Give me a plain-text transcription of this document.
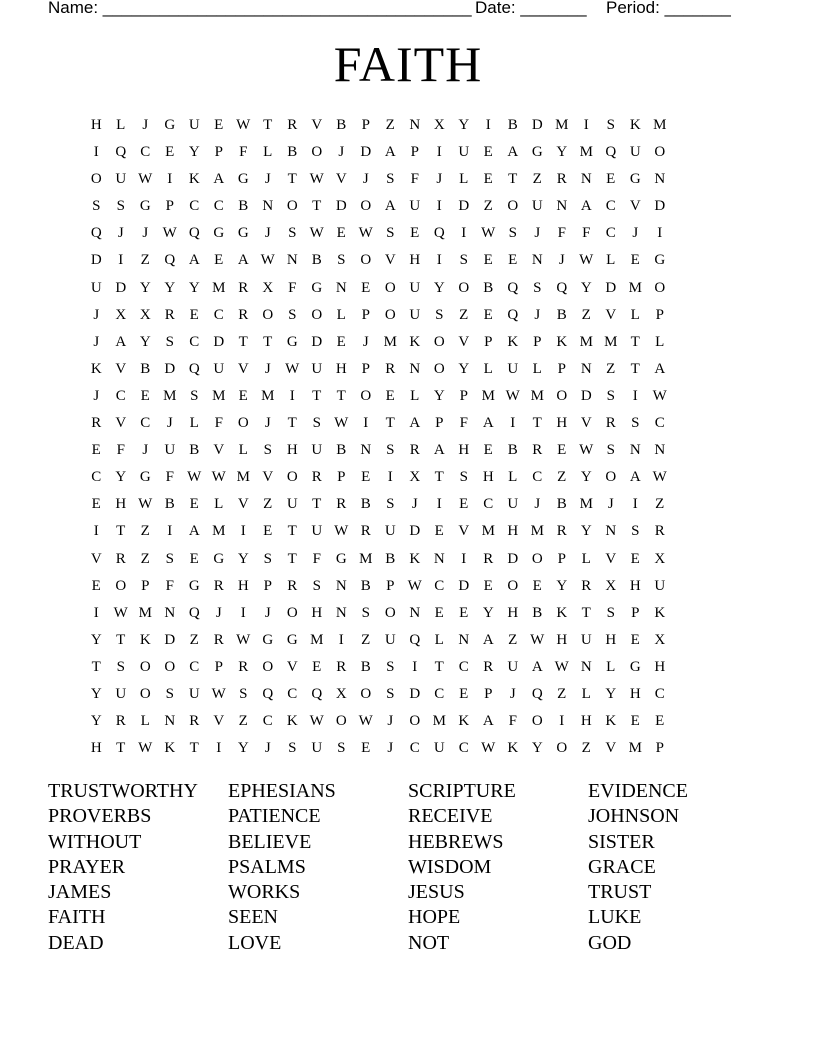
Name: _______________________________________ Date: _______ Period: _______
FAITH
H L	J	G U E W T R V B	P	Z N X Y	I	B D M	I	S K M
I	Q C E Y P	F	L B O	J	D A P	I	U E A G Y M Q U O
O U W I	K A G	J	T W V	J	S	F	J	L	E	T	Z R N E G N
S	S G P	C C B N O T D O A U	I	D Z O U N A C V D
Q	J	J W Q G G	J	S W E W S	E Q	I W S	J	F	F	C	J	I
D	I	Z Q A E A W N B	S O V H	I	S	E	E N	J W L	E G
U D Y Y Y M R X F G N E O U Y O B Q S Q Y D M O
J	X X R E C R O S O L	P O U S	Z	E Q	J	B Z V L	P
J	A Y S	C D T	T G D E	J M K O V P K P K M M T	L
K V B D Q U V	J W U H P	R N O Y L U L	P N Z	T A
J	C E M S M E M	I	T	T O E	L Y P M W M O D S	I W
R V C	J	L	F O	J	T	S W I	T A P	F A	I	T H V R	S	C
E	F	J	U B V L	S H U B N S	R A H E B R E W S N N
C Y G F W W M V O R	P	E	I	X T	S H L C Z Y O A W
E H W B E	L V Z U T R B	S	J	I	E C U	J	B M J	I	Z
I	T	Z	I	A M	I	E	T U W R U D E V M H M R Y N S	R
V R Z	S	E G Y S	T	F G M B K N	I	R D O P	L V E X
E O P	F G R H P	R	S N B	P W C D E O E Y R X H U
I W M N Q	J	I	J	O H N S O N E	E Y H B K T	S	P K
Y T K D Z R W G G M	I	Z U Q L N A Z W H U H E X
T	S O O C	P	R O V E R B	S	I	T C R U A W N L G H
Y U O S U W S Q C Q X O S D C E	P	J	Q Z	L Y H C
Y R L N R V Z C K W O W J	O M K A F O	I	H K E	E
H T W K T	I	Y	J	S U S	E	J	C U C W K Y O Z V M P
TRUSTWORTHY	EPHESIANS	SCRIPTURE	EVIDENCE
PROVERBS	PATIENCE	RECEIVE	JOHNSON
WITHOUT	BELIEVE	HEBREWS	SISTER
PRAYER	PSALMS	WISDOM	GRACE
JAMES	WORKS	JESUS	TRUST
FAITH	SEEN	HOPE	LUKE
DEAD	LOVE	NOT	GOD
